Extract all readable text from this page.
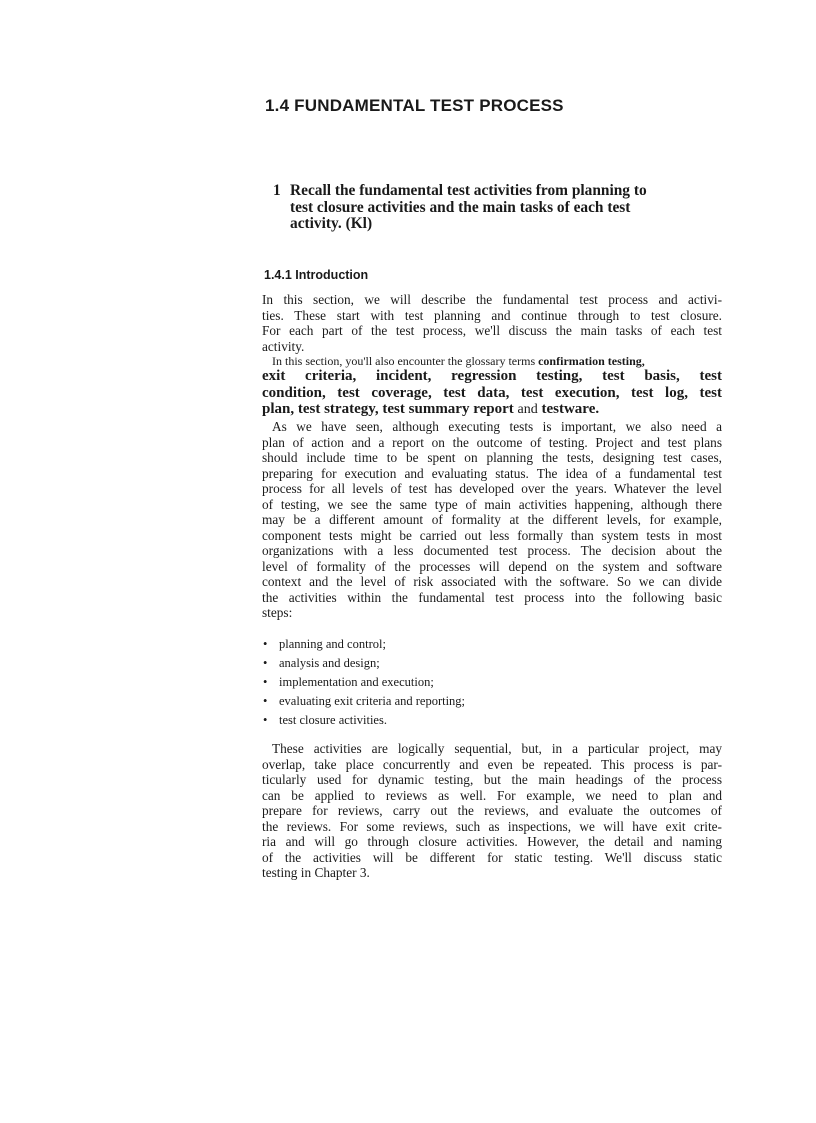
1.4 FUNDAMENTAL TEST PROCESS
1 Recall the fundamental test activities from planning to
test closure activities and the main tasks of each test
activity. (Kl)
1.4.1 Introduction
In this section, we will describe the fundamental test process and activi-
ties. These start with test planning and continue through to test closure.
For each part of the test process, we'll discuss the main tasks of each test
activity.
In this section, you'll also encounter the glossary terms confirmation testing,
exit criteria, incident, regression testing, test basis, test
condition, test coverage, test data, test execution, test log, test
plan, test strategy, test summary report and testware.
As we have seen, although executing tests is important, we also need a
plan of action and a report on the outcome of testing. Project and test plans
should include time to be spent on planning the tests, designing test cases,
preparing for execution and evaluating status. The idea of a fundamental test
process for all levels of test has developed over the years. Whatever the level
of testing, we see the same type of main activities happening, although there
may be a different amount of formality at the different levels, for example,
component tests might be carried out less formally than system tests in most
organizations with a less documented test process. The decision about the
level of formality of the processes will depend on the system and software
context and the level of risk associated with the software. So we can divide
the activities within the fundamental test process into the following basic
steps:
• planning and control;
• analysis and design;
• implementation and execution;
• evaluating exit criteria and reporting;
• test closure activities.
These activities are logically sequential, but, in a particular project, may
overlap, take place concurrently and even be repeated. This process is par-
ticularly used for dynamic testing, but the main headings of the process
can be applied to reviews as well. For example, we need to plan and
prepare for reviews, carry out the reviews, and evaluate the outcomes of
the reviews. For some reviews, such as inspections, we will have exit crite-
ria and will go through closure activities. However, the detail and naming
of the activities will be different for static testing. We'll discuss static
testing in Chapter 3.
